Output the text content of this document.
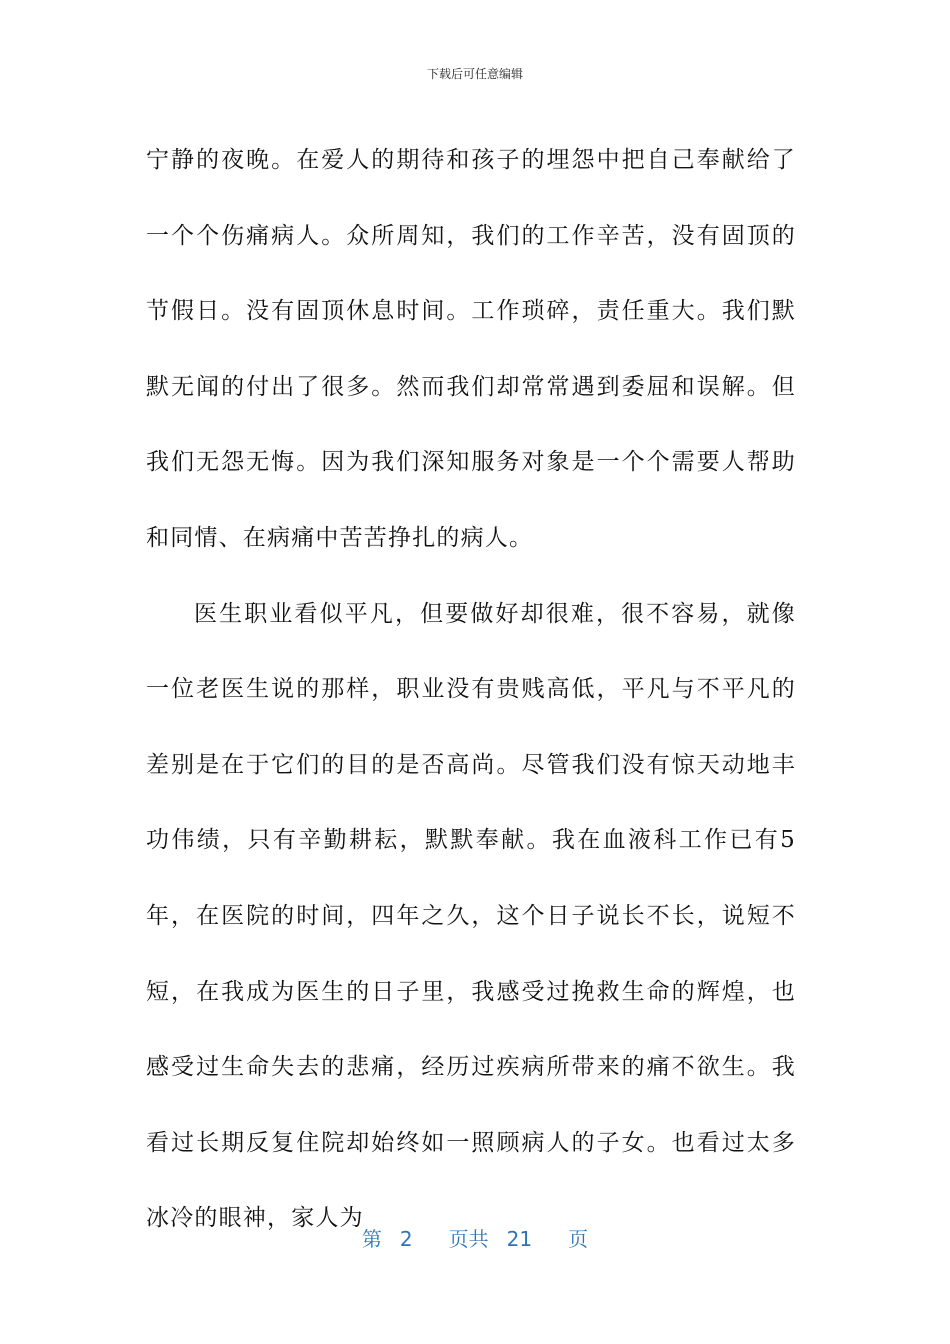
下载后可任意编辑

宁静的夜晚。在爱人的期待和孩子的埋怨中把自己奉献给了一个个伤痛病人。众所周知，我们的工作辛苦，没有固顶的节假日。没有固顶休息时间。工作琐碎，责任重大。我们默默无闻的付出了很多。然而我们却常常遇到委屈和误解。但我们无怨无悔。因为我们深知服务对象是一个个需要人帮助和同情、在病痛中苦苦挣扎的病人。

医生职业看似平凡，但要做好却很难，很不容易，就像一位老医生说的那样，职业没有贵贱高低，平凡与不平凡的差别是在于它们的目的是否高尚。尽管我们没有惊天动地丰功伟绩，只有辛勤耕耘，默默奉献。我在血液科工作已有5年，在医院的时间，四年之久，这个日子说长不长，说短不短，在我成为医生的日子里，我感受过挽救生命的辉煌，也感受过生命失去的悲痛，经历过疾病所带来的痛不欲生。我看过长期反复住院却始终如一照顾病人的子女。也看过太多冰冷的眼神，家人为

第 2 页共 21 页
